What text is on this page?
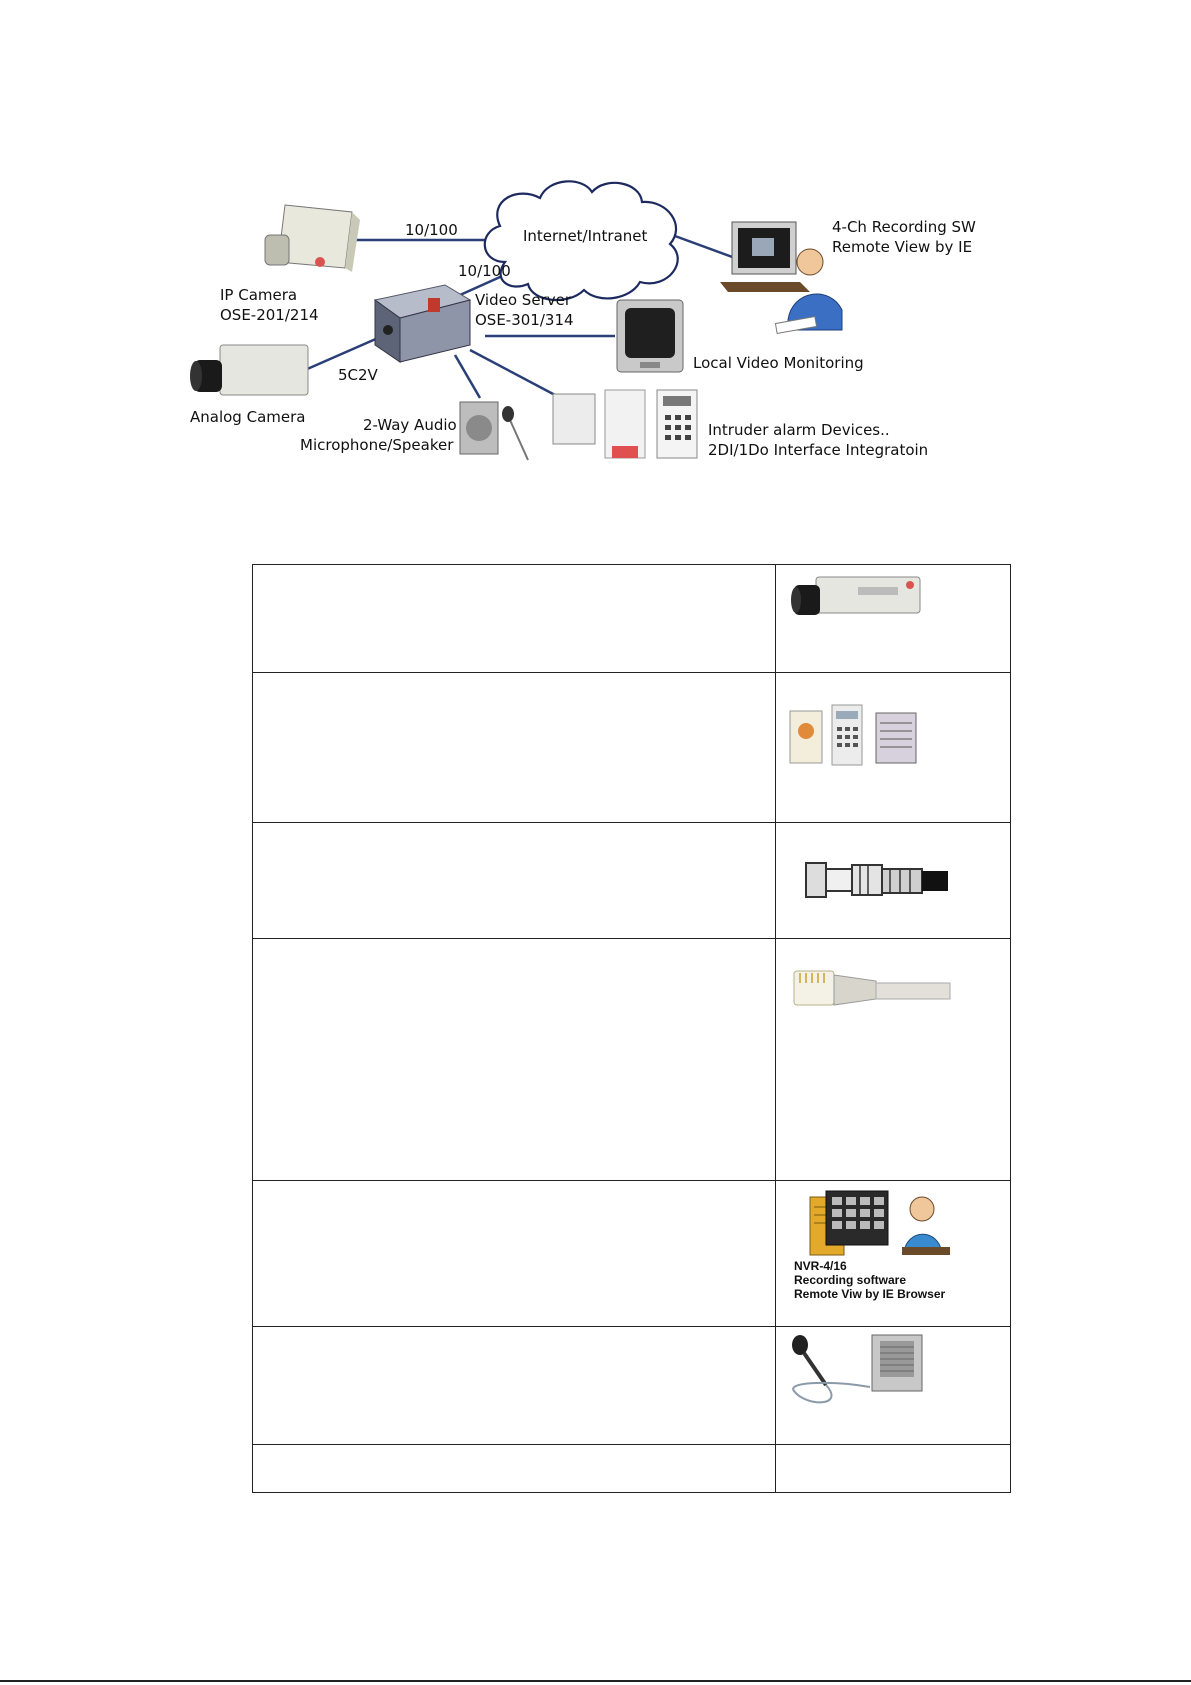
Internet/Intranet
10/100
10/100
5C2V
IP Camera
OSE-201/214
Analog Camera
Video Server
OSE-301/314
Local Video Monitoring
4-Ch Recording SW
Remote View by IE
2-Way Audio
Microphone/Speaker
Intruder alarm Devices..
2DI/1Do Interface Integratoin

	NVR-4/16
Recording software
Remote Viw by IE Browser
